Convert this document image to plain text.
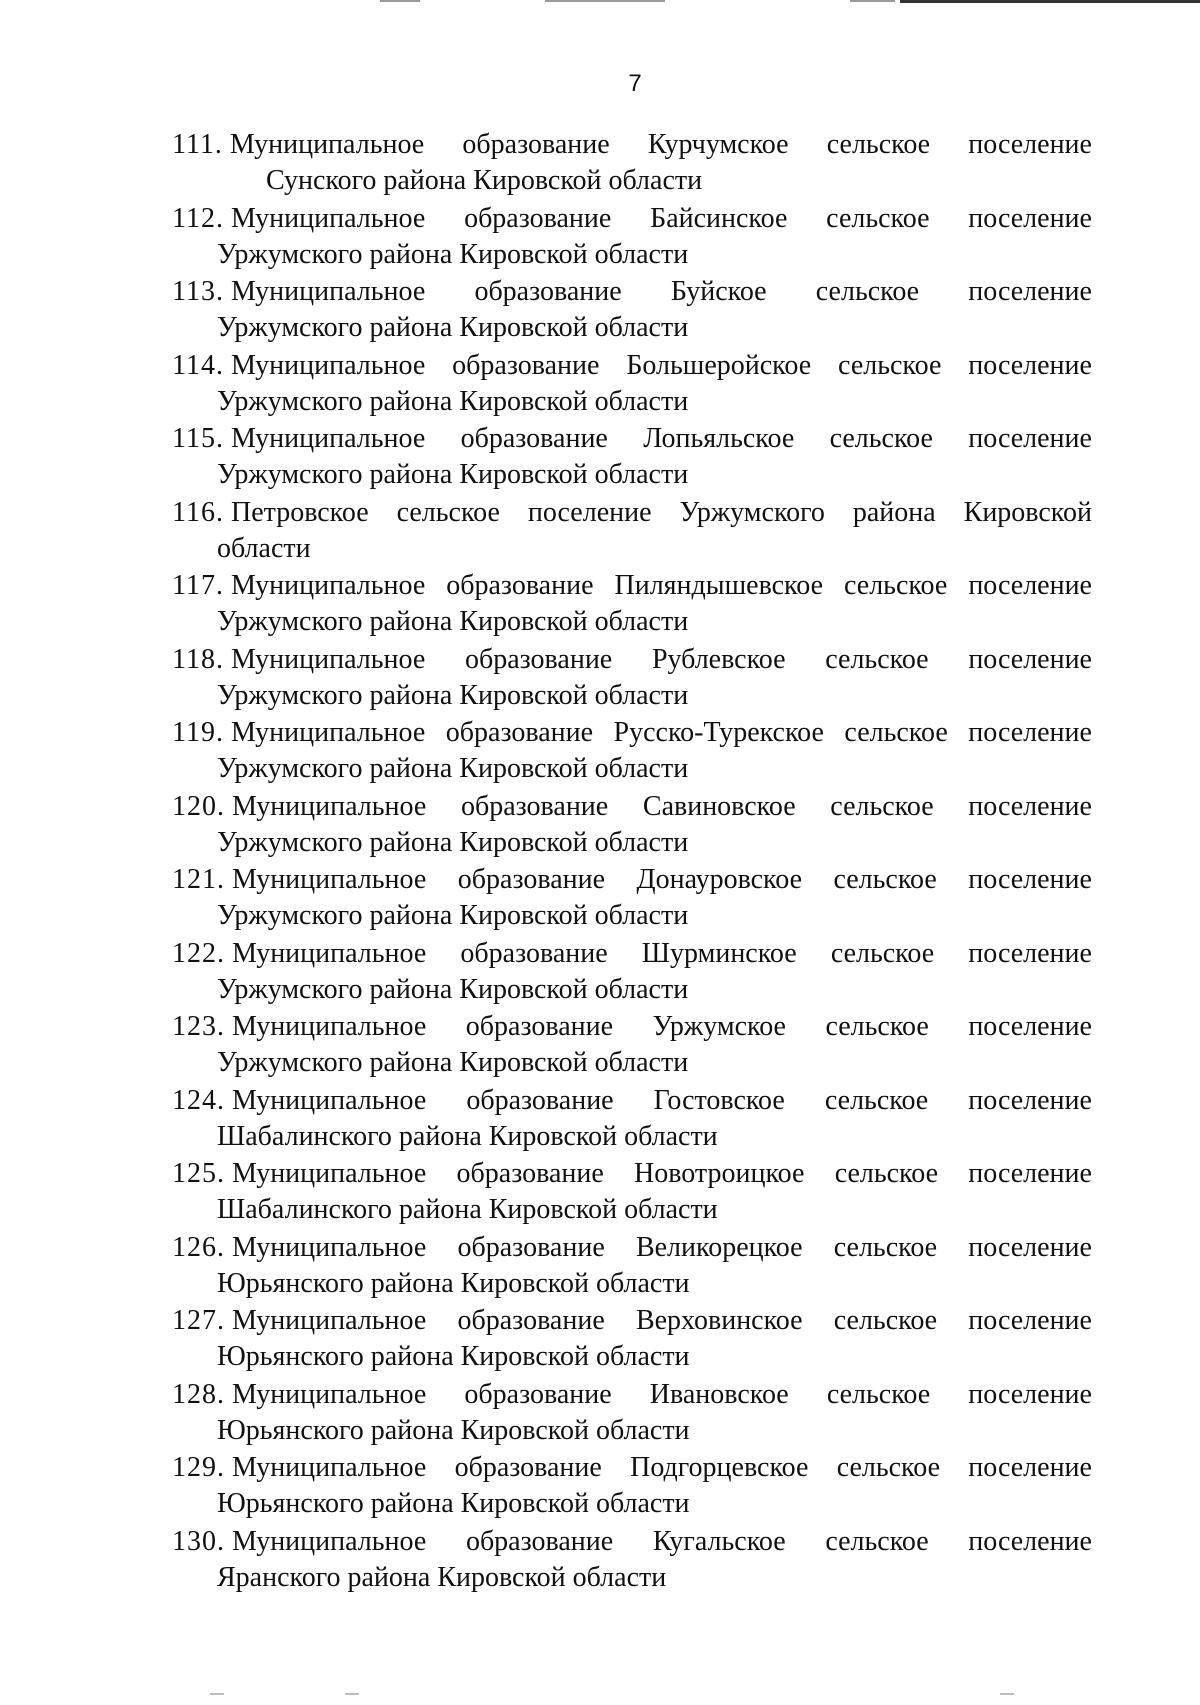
7
111. Муниципальное образование Курчумское сельское поселение
Сунского района Кировской области
112. Муниципальное образование Байсинское сельское поселение
Уржумского района Кировской области
113. Муниципальное образование Буйское сельское поселение
Уржумского района Кировской области
114. Муниципальное образование Большеройское сельское поселение
Уржумского района Кировской области
115. Муниципальное образование Лопьяльское сельское поселение
Уржумского района Кировской области
116. Петровское сельское поселение Уржумского района Кировской
области
117. Муниципальное образование Пиляндышевское сельское поселение
Уржумского района Кировской области
118. Муниципальное образование Рублевское сельское поселение
Уржумского района Кировской области
119. Муниципальное образование Русско-Турекское сельское поселение
Уржумского района Кировской области
120. Муниципальное образование Савиновское сельское поселение
Уржумского района Кировской области
121. Муниципальное образование Донауровское сельское поселение
Уржумского района Кировской области
122. Муниципальное образование Шурминское сельское поселение
Уржумского района Кировской области
123. Муниципальное образование Уржумское сельское поселение
Уржумского района Кировской области
124. Муниципальное образование Гостовское сельское поселение
Шабалинского района Кировской области
125. Муниципальное образование Новотроицкое сельское поселение
Шабалинского района Кировской области
126. Муниципальное образование Великорецкое сельское поселение
Юрьянского района Кировской области
127. Муниципальное образование Верховинское сельское поселение
Юрьянского района Кировской области
128. Муниципальное образование Ивановское сельское поселение
Юрьянского района Кировской области
129. Муниципальное образование Подгорцевское сельское поселение
Юрьянского района Кировской области
130. Муниципальное образование Кугальское сельское поселение
Яранского района Кировской области
